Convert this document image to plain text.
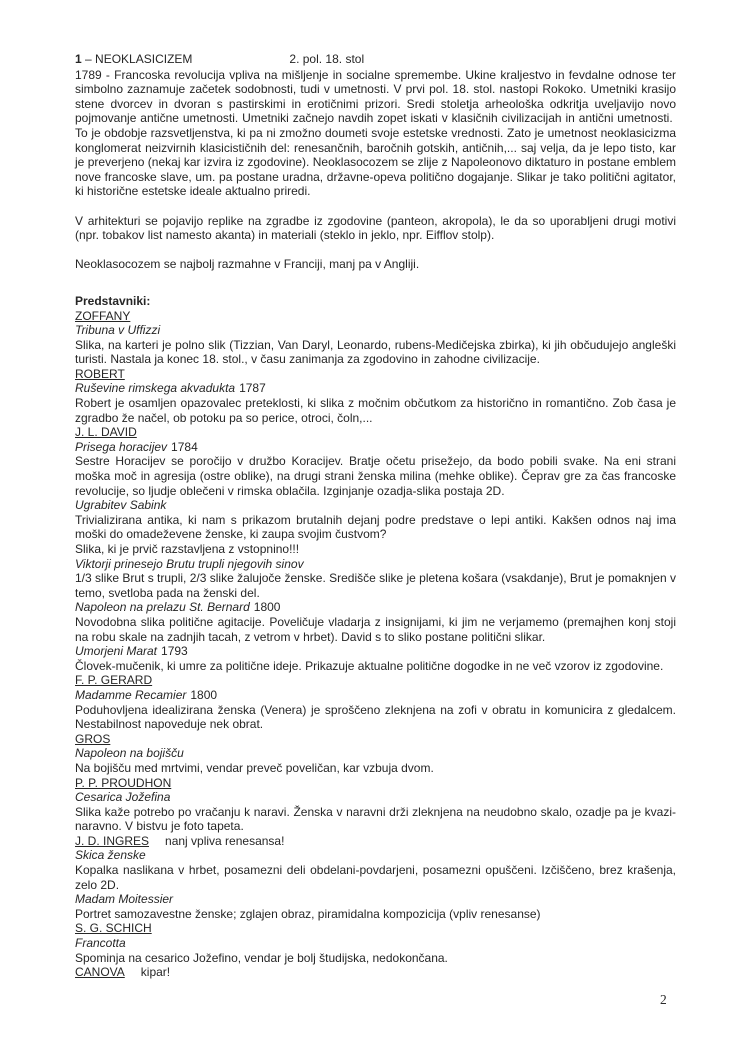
1 – NEOKLASICIZEM	2. pol. 18. stol

1789 - Francoska revolucija vpliva na mišljenje in socialne spremembe. Ukine kraljestvo in fevdalne odnose ter simbolno zaznamuje začetek sodobnosti, tudi v umetnosti. V prvi pol. 18. stol. nastopi Rokoko. Umetniki krasijo stene dvorcev in dvoran s pastirskimi in erotičnimi prizori. Sredi stoletja arheološka odkritja uveljavijo novo pojmovanje antične umetnosti. Umetniki začnejo navdih zopet iskati v klasičnih civilizacijah in antični umetnosti.  To je obdobje razsvetljenstva, ki pa ni zmožno doumeti svoje estetske vrednosti. Zato je umetnost neoklasicizma konglomerat neizvirnih klasicističnih del: renesančnih, baročnih gotskih, antičnih,... saj velja, da je lepo tisto, kar je preverjeno (nekaj kar izvira iz zgodovine). Neoklasocozem se zlije z Napoleonovo diktaturo in postane emblem nove francoske slave, um. pa postane uradna, državne-opeva politično dogajanje. Slikar je tako politični agitator, ki historične estetske ideale aktualno priredi.

V arhitekturi se pojavijo replike na zgradbe iz zgodovine (panteon, akropola), le da so uporabljeni drugi motivi (npr. tobakov list namesto akanta) in materiali (steklo in jeklo, npr. Eifflov stolp).

Neoklasocozem se najbolj razmahne v Franciji, manj pa v Angliji.

Predstavniki:

ZOFFANY
Tribuna v Uffizzi

Slika, na karteri je polno slik (Tizzian, Van Daryl, Leonardo, rubens-Medičejska zbirka), ki jih občudujejo angleški turisti. Nastala ja konec 18. stol., v času zanimanja za zgodovino in zahodne civilizacije.

ROBERT
Ruševine rimskega akvadukta 1787

Robert je osamljen opazovalec preteklosti, ki slika z močnim občutkom za historično in romantično. Zob časa je zgradbo že načel, ob potoku pa so perice, otroci, čoln,...

J. L. DAVID
Prisega horacijev 1784

Sestre Horacijev se poročijo v družbo Koracijev. Bratje očetu prisežejo, da bodo pobili svake. Na eni strani moška moč in agresija (ostre oblike), na drugi strani ženska milina (mehke oblike). Čeprav gre za čas francoske revolucije, so ljudje oblečeni v rimska oblačila. Izginjanje ozadja-slika postaja 2D.

Ugrabitev Sabink

Trivializirana antika, ki nam s prikazom brutalnih dejanj podre predstave o lepi antiki. Kakšen odnos naj ima moški do omadeževene ženske, ki zaupa svojim čustvom?

Slika, ki je prvič razstavljena z vstopnino!!!

Viktorji prinesejo Brutu trupli njegovih sinov

1/3 slike Brut s trupli, 2/3 slike žalujoče ženske. Središče slike je pletena košara (vsakdanje), Brut je pomaknjen v temo, svetloba pada na ženski del.

Napoleon na prelazu St. Bernard 1800

Novodobna slika politične agitacije. Poveličuje vladarja z insignijami, ki jim ne verjamemo (premajhen konj stoji na robu skale na zadnjih tacah, z vetrom v hrbet). David s to sliko postane politični slikar.

Umorjeni Marat 1793

Človek-mučenik, ki umre za politične ideje. Prikazuje aktualne politične dogodke in ne več vzorov iz zgodovine.

F. P. GERARD
Madamme Recamier 1800

Poduhovljena idealizirana ženska (Venera) je sproščeno zleknjena na zofi v obratu in komunicira z gledalcem. Nestabilnost napoveduje nek obrat.

GROS
Napoleon na bojišču

Na bojišču med mrtvimi, vendar preveč poveličan, kar vzbuja dvom.

P. P. PROUDHON
Cesarica Jožefina

Slika kaže potrebo po vračanju k naravi. Ženska v naravni drži zleknjena na neudobno skalo, ozadje pa je kvazi-naravno. V bistvu je foto tapeta.

J. D. INGRES nanj vpliva renesansa!
Skica ženske

Kopalka naslikana v hrbet, posamezni deli obdelani-povdarjeni, posamezni opuščeni. Izčiščeno, brez krašenja, zelo 2D.

Madam Moitessier

Portret samozavestne ženske; zglajen obraz, piramidalna kompozicija (vpliv renesanse)

S. G. SCHICH
Francotta

Spominja na cesarico Jožefino, vendar je bolj študijska, nedokončana.

CANOVA kipar!
2
